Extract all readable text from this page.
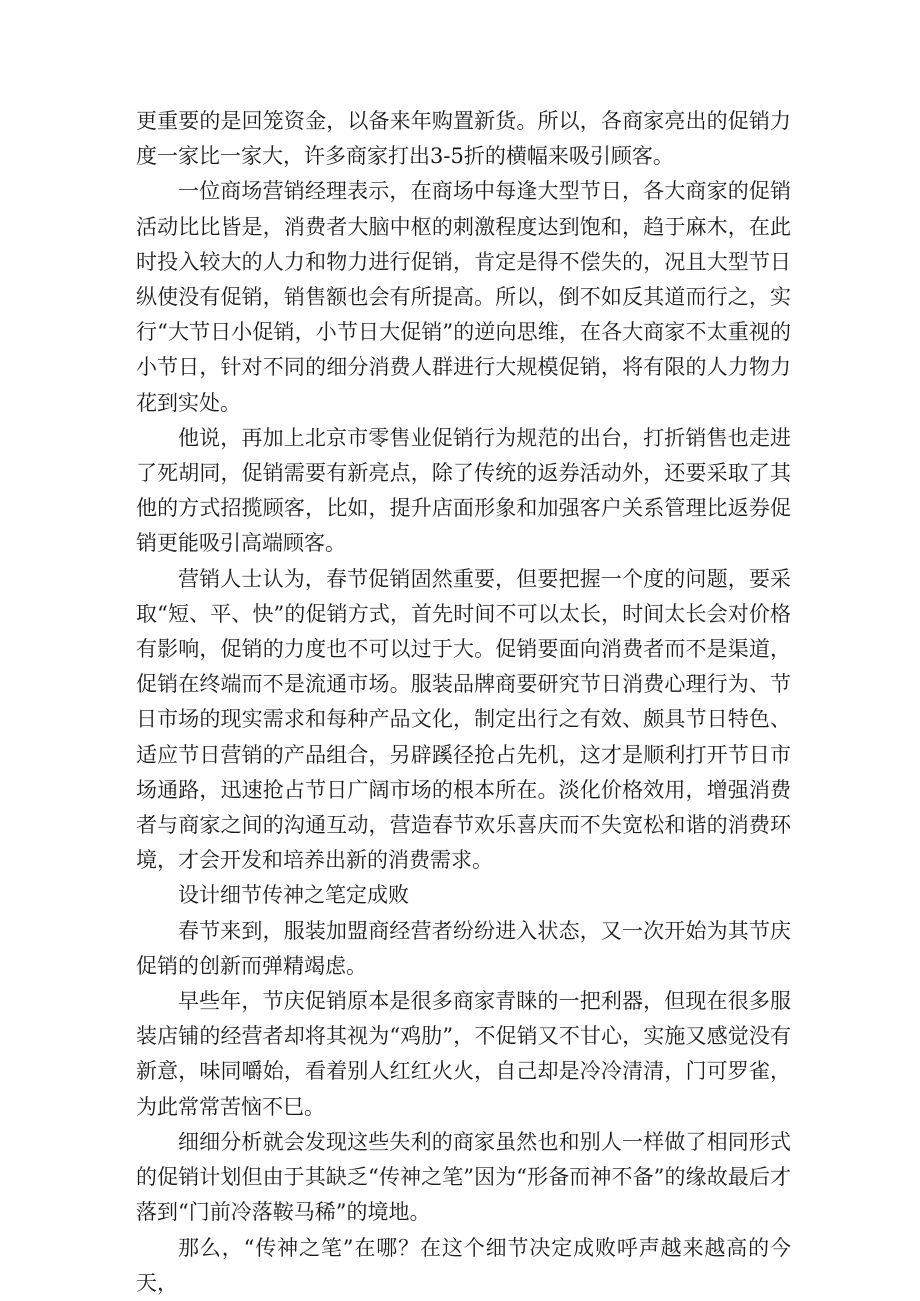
更重要的是回笼资金，以备来年购置新货。所以，各商家亮出的促销力度一家比一家大，许多商家打出3-5折的横幅来吸引顾客。

一位商场营销经理表示，在商场中每逢大型节日，各大商家的促销活动比比皆是，消费者大脑中枢的刺激程度达到饱和，趋于麻木，在此时投入较大的人力和物力进行促销，肯定是得不偿失的，况且大型节日纵使没有促销，销售额也会有所提高。所以，倒不如反其道而行之，实行“大节日小促销，小节日大促销”的逆向思维，在各大商家不太重视的小节日，针对不同的细分消费人群进行大规模促销，将有限的人力物力花到实处。

他说，再加上北京市零售业促销行为规范的出台，打折销售也走进了死胡同，促销需要有新亮点，除了传统的返券活动外，还要采取了其他的方式招揽顾客，比如，提升店面形象和加强客户关系管理比返券促销更能吸引高端顾客。

营销人士认为，春节促销固然重要，但要把握一个度的问题，要采取“短、平、快”的促销方式，首先时间不可以太长，时间太长会对价格有影响，促销的力度也不可以过于大。促销要面向消费者而不是渠道，促销在终端而不是流通市场。服装品牌商要研究节日消费心理行为、节日市场的现实需求和每种产品文化，制定出行之有效、颇具节日特色、适应节日营销的产品组合，另辟蹊径抢占先机，这才是顺利打开节日市场通路，迅速抢占节日广阔市场的根本所在。淡化价格效用，增强消费者与商家之间的沟通互动，营造春节欢乐喜庆而不失宽松和谐的消费环境，才会开发和培养出新的消费需求。

设计细节传神之笔定成败

春节来到，服装加盟商经营者纷纷进入状态，又一次开始为其节庆促销的创新而弹精竭虑。

早些年，节庆促销原本是很多商家青睐的一把利器，但现在很多服装店铺的经营者却将其视为“鸡肋”，不促销又不甘心，实施又感觉没有新意，味同嚼始，看着别人红红火火，自己却是冷冷清清，门可罗雀，为此常常苦恼不巳。

细细分析就会发现这些失利的商家虽然也和别人一样做了相同形式的促销计划但由于其缺乏“传神之笔”因为“形备而神不备”的缘故最后才落到“门前冷落鞍马稀”的境地。

那么，“传神之笔”在哪？在这个细节决定成败呼声越来越高的今天，
